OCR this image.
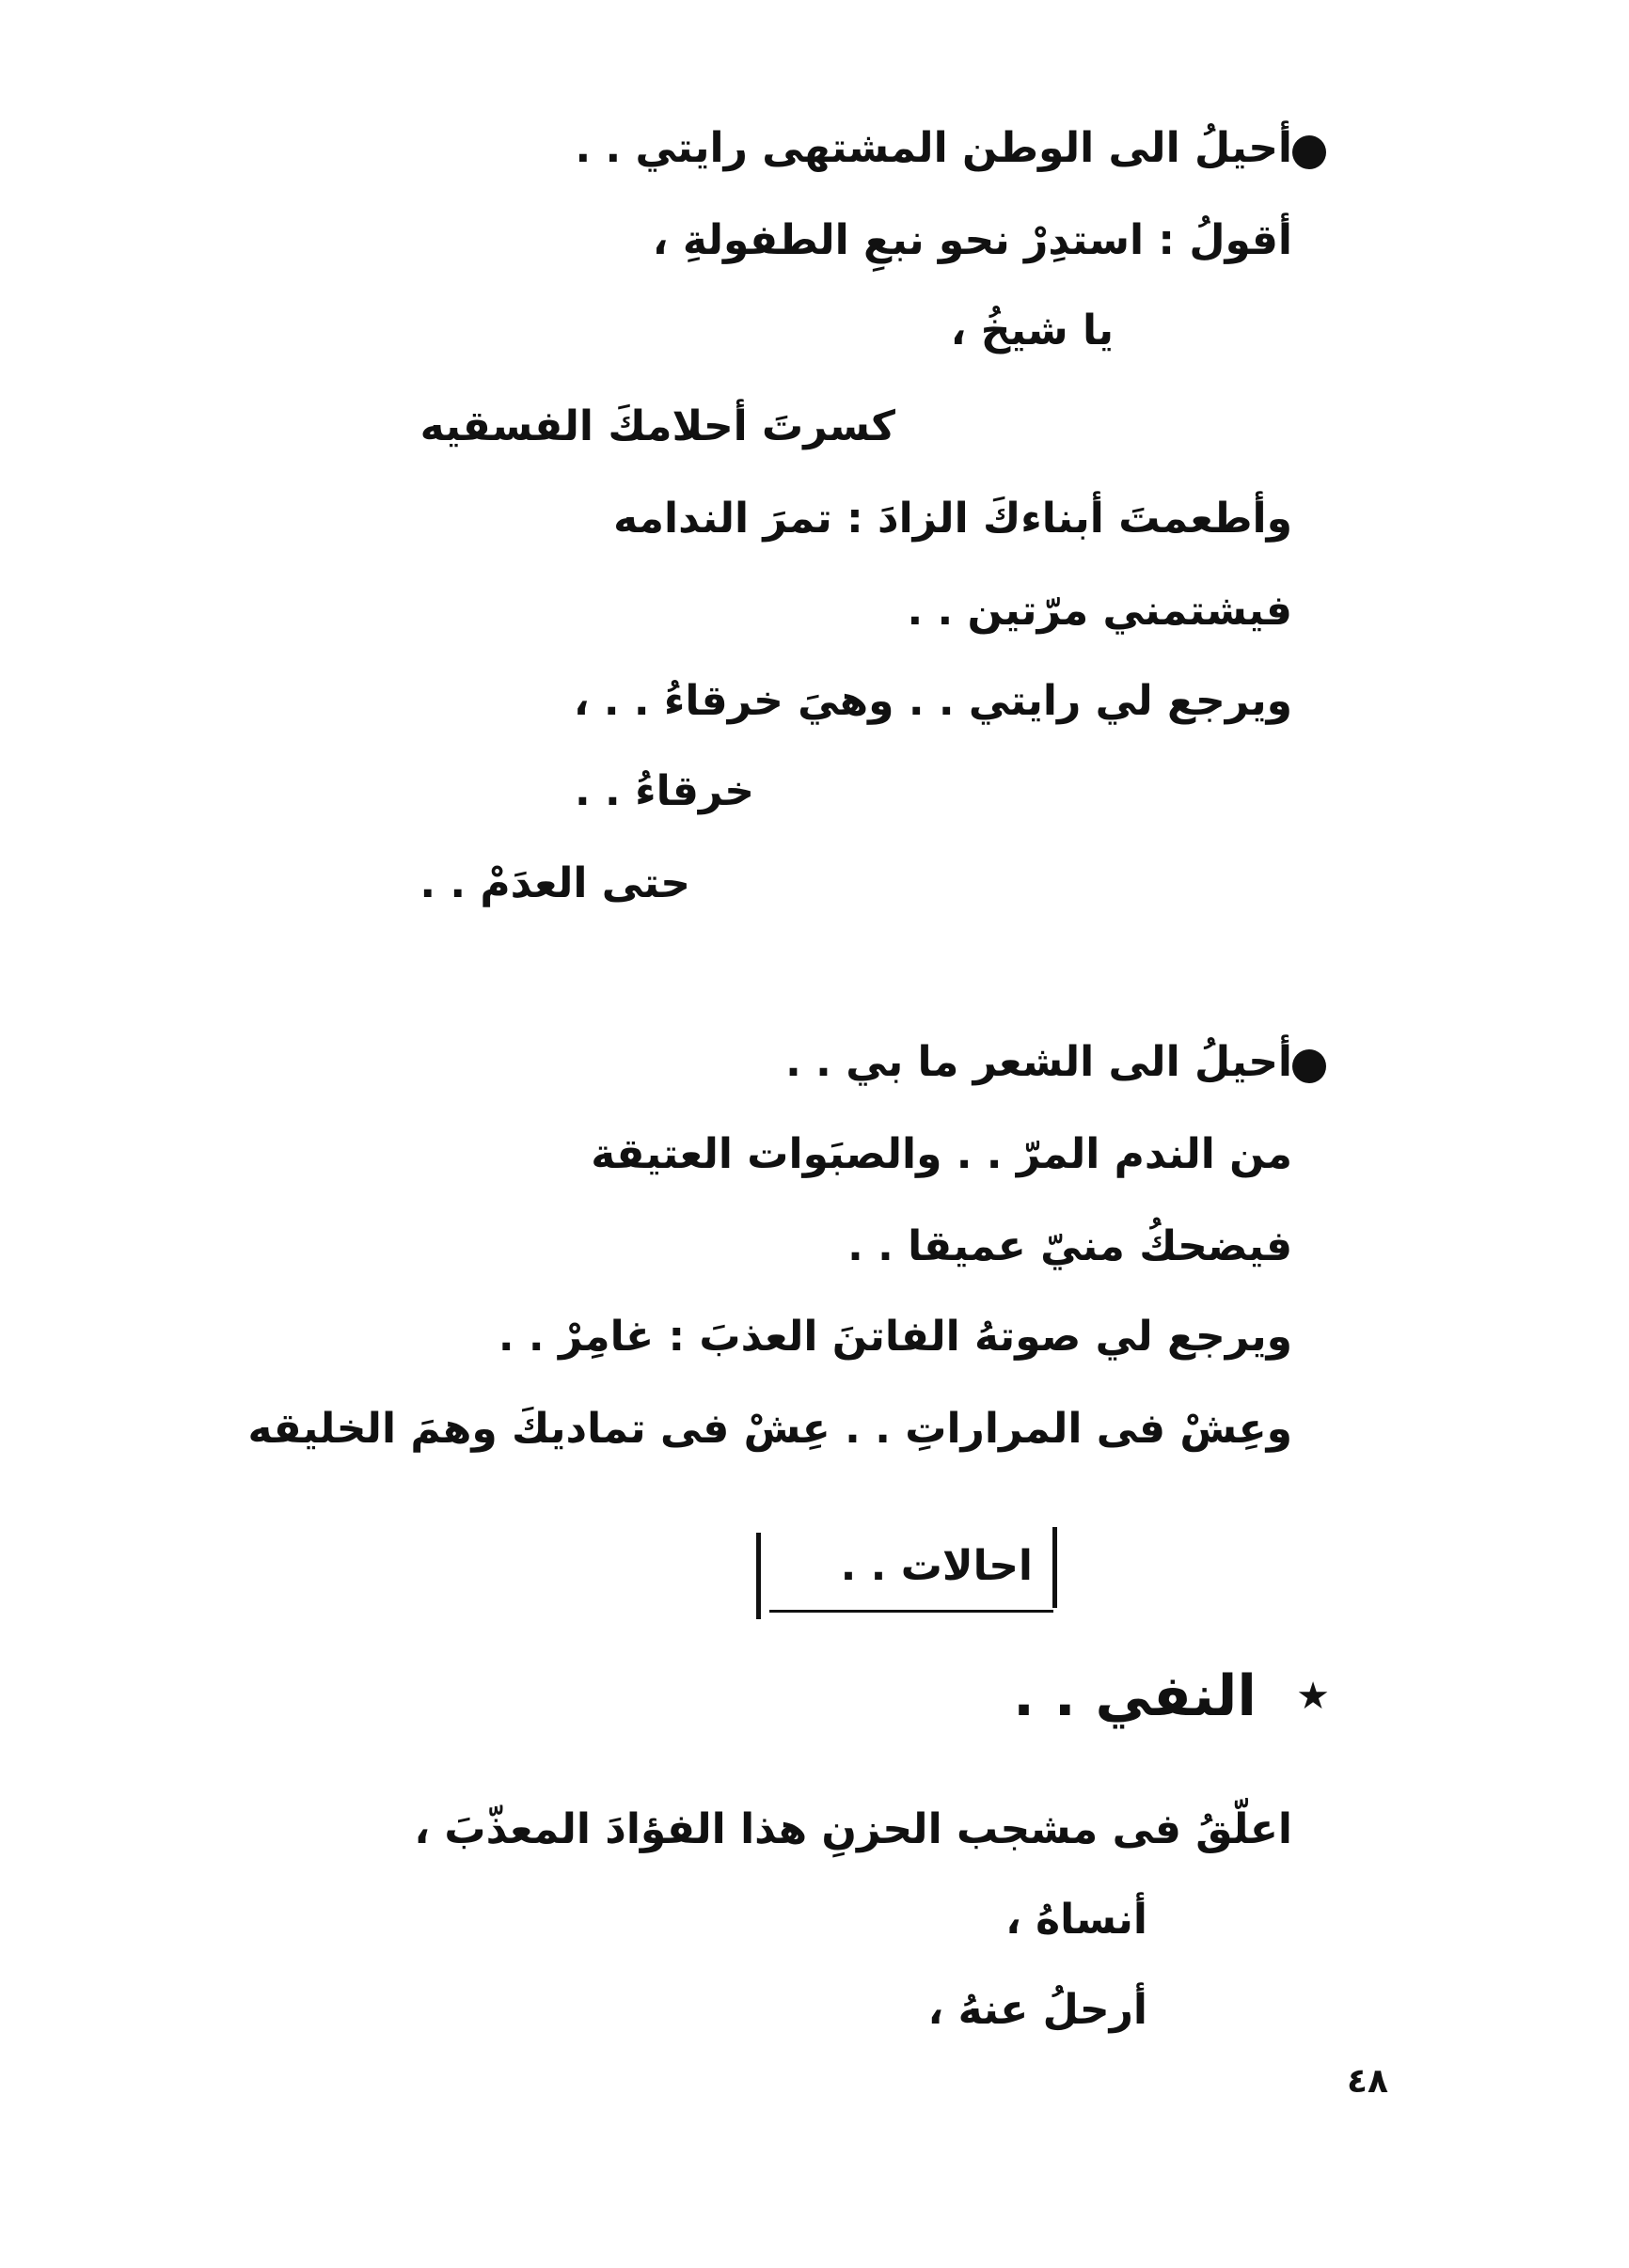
أحيلُ الى الوطن المشتهى رايتي . .
أقولُ : استدِرْ نحو نبعِ الطفولةِ ،
يا شيخُ ،
كسرتَ أحلامكَ الفسقيه
وأطعمتَ أبناءكَ الزادَ : تمرَ الندامه
فيشتمني مرّتين . .
ويرجع لي رايتي . . وهيَ خرقاءُ . . ،
خرقاءُ . .
حتى العدَمْ . .
أحيلُ الى الشعر ما بي . .
من الندم المرّ . . والصبَوات العتيقة
فيضحكُ منيّ عميقا . .
ويرجع لي صوتهُ الفاتنَ العذبَ : غامِرْ . .
وعِشْ فى المراراتِ . . عِشْ فى تماديكَ وهمَ الخليقه
احالات . .
★
النفي . .
اعلّقُ فى مشجب الحزنِ هذا الفؤادَ المعذّبَ ،
أنساهُ ،
أرحلُ عنهُ ،
٤٨
